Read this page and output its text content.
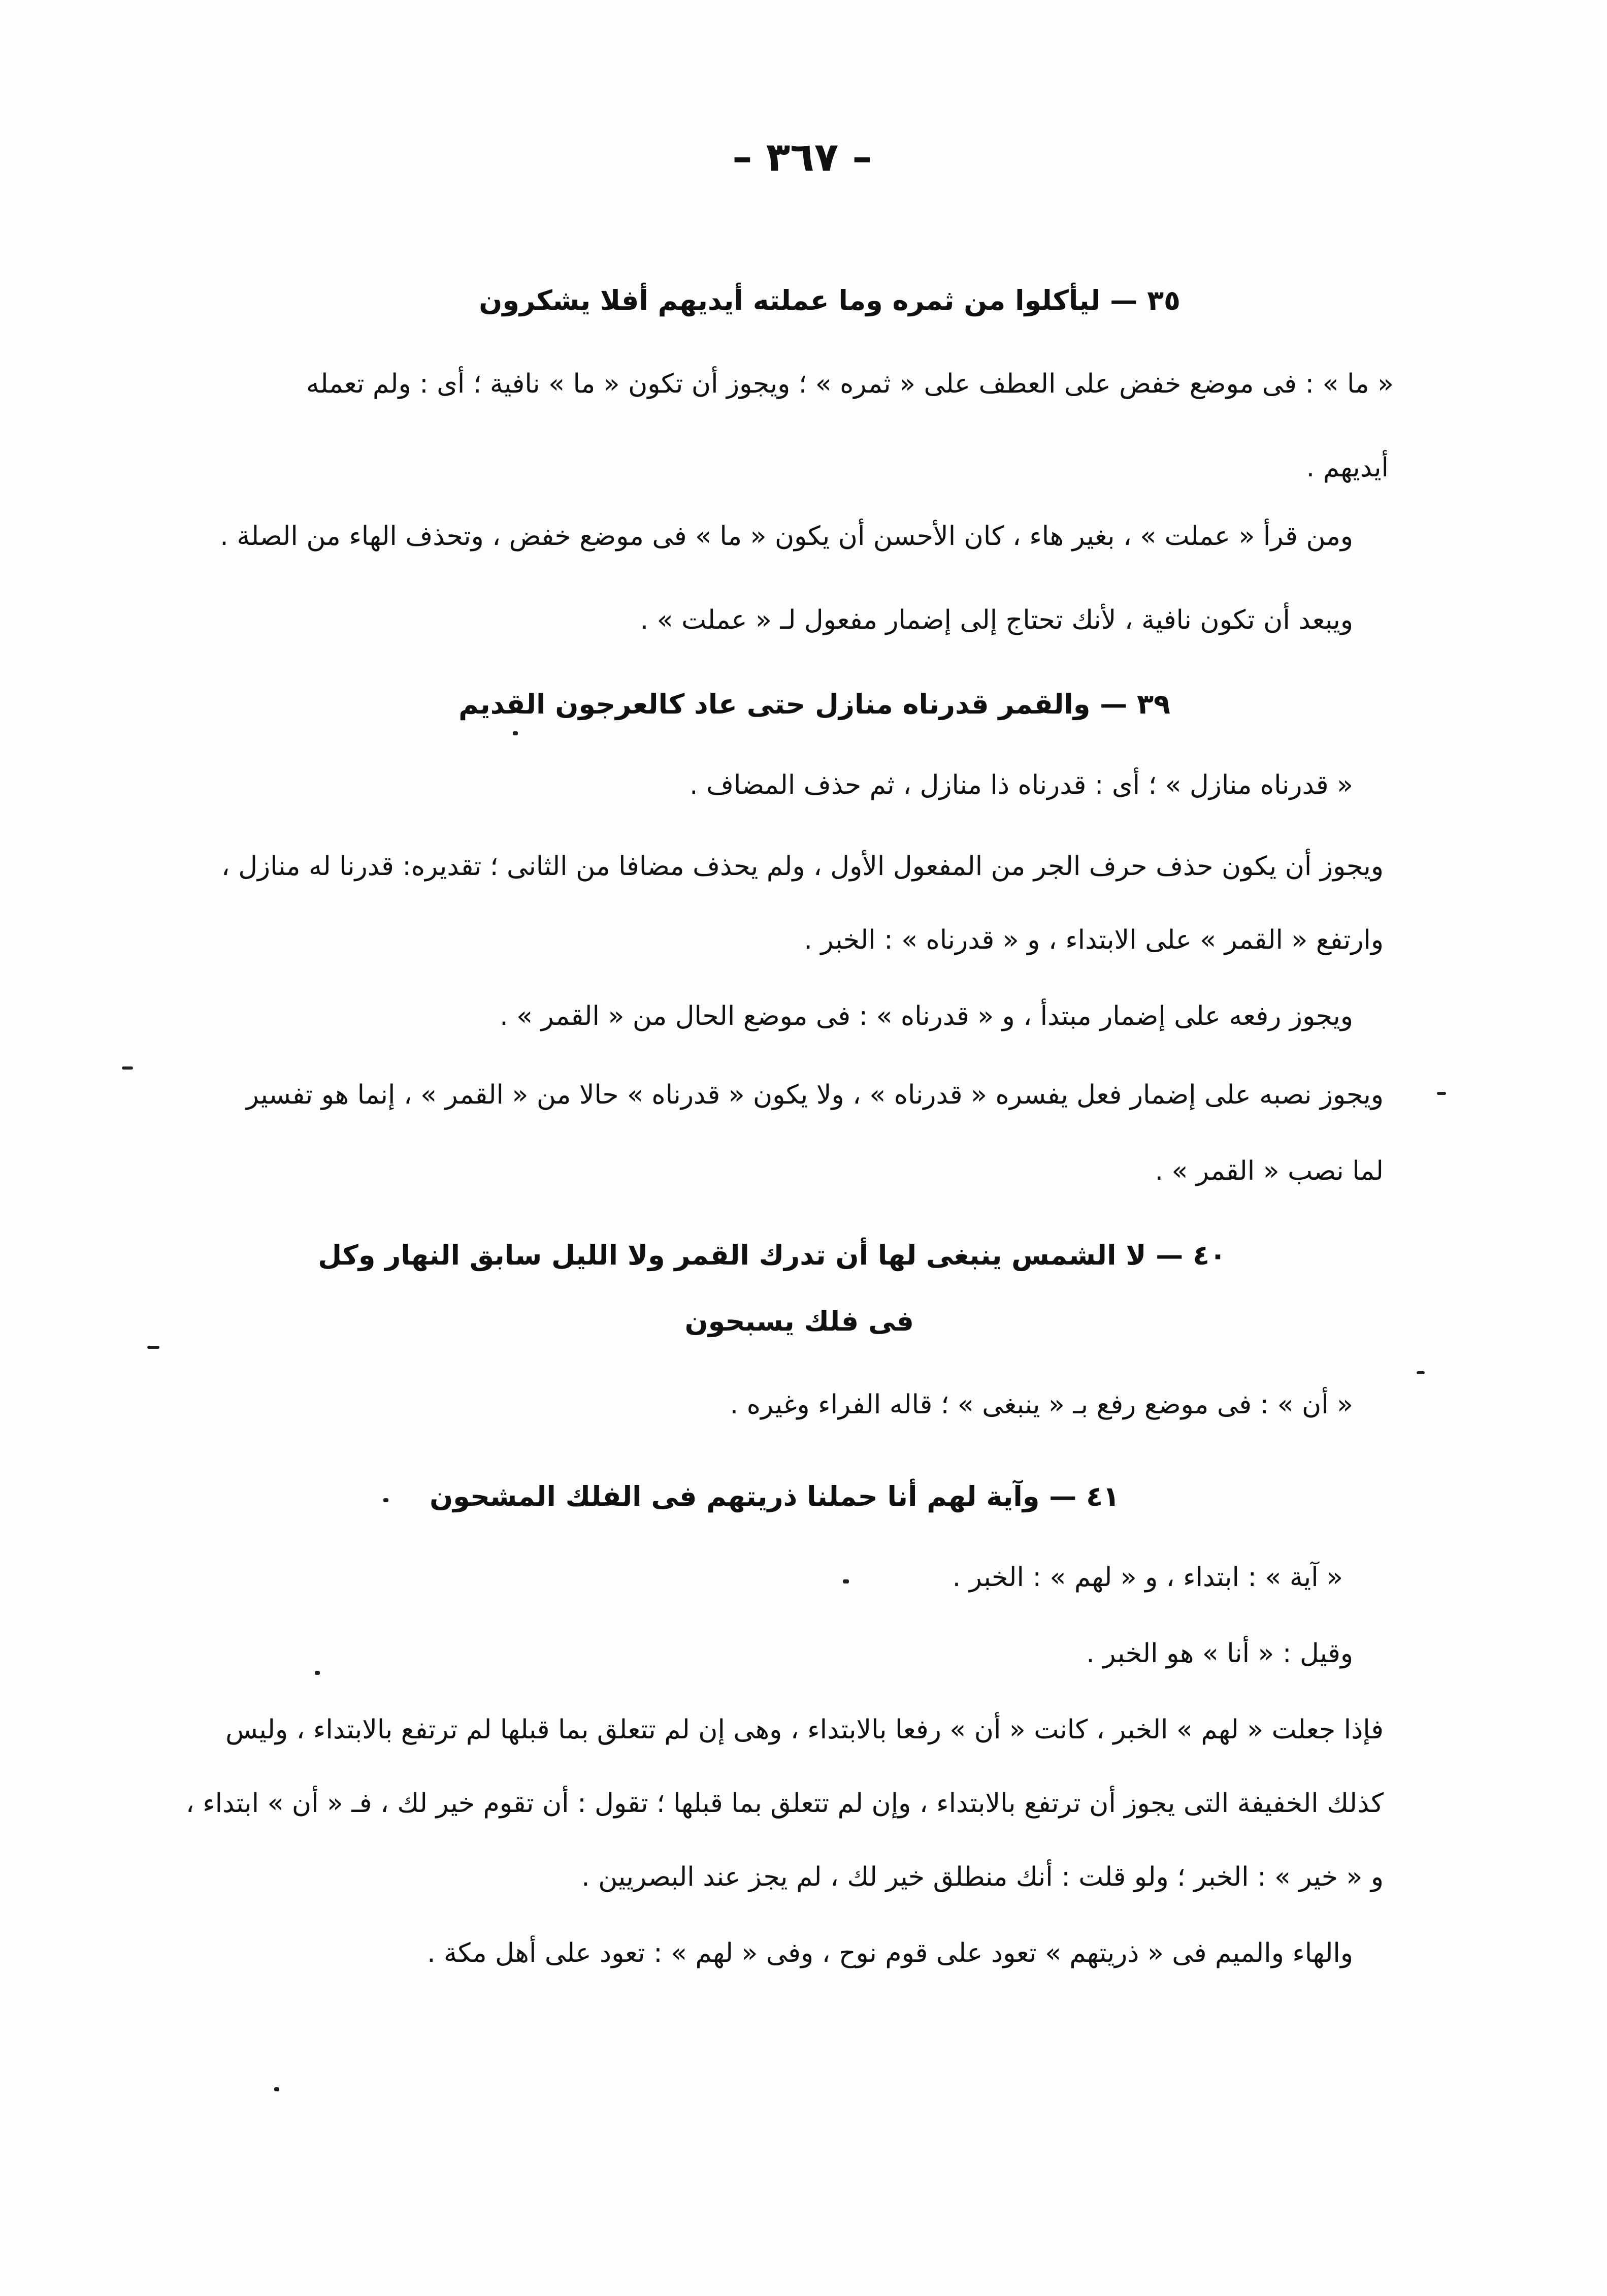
– ٣٦٧ –
٣٥ — ليأكلوا من ثمره وما عملته أيديهم أفلا يشكرون
« ما » : فى موضع خفض على العطف على « ثمره » ؛ ويجوز أن تكون « ما » نافية ؛ أى : ولم تعمله
أيديهم .
ومن قرأ « عملت » ، بغير هاء ، كان الأحسن أن يكون « ما » فى موضع خفض ، وتحذف الهاء من الصلة .
ويبعد أن تكون نافية ، لأنك تحتاج إلى إضمار مفعول لـ « عملت » .
٣٩ — والقمر قدرناه منازل حتى عاد كالعرجون القديم
« قدرناه منازل » ؛ أى : قدرناه ذا منازل ، ثم حذف المضاف .
ويجوز أن يكون حذف حرف الجر من المفعول الأول ، ولم يحذف مضافا من الثانى ؛ تقديره: قدرنا له منازل ،
وارتفع « القمر » على الابتداء ، و « قدرناه » : الخبر .
ويجوز رفعه على إضمار مبتدأ ، و « قدرناه » : فى موضع الحال من « القمر » .
ويجوز نصبه على إضمار فعل يفسره « قدرناه » ، ولا يكون « قدرناه » حالا من « القمر » ، إنما هو تفسير
لما نصب « القمر » .
٤٠ — لا الشمس ينبغى لها أن تدرك القمر ولا الليل سابق النهار وكل
فى فلك يسبحون
« أن » : فى موضع رفع بـ « ينبغى » ؛ قاله الفراء وغيره .
٤١ — وآية لهم أنا حملنا ذريتهم فى الفلك المشحون
« آية » : ابتداء ، و « لهم » : الخبر .
وقيل : « أنا » هو الخبر .
فإذا جعلت « لهم » الخبر ، كانت « أن » رفعا بالابتداء ، وهى إن لم تتعلق بما قبلها لم ترتفع بالابتداء ، وليس
كذلك الخفيفة التى يجوز أن ترتفع بالابتداء ، وإن لم تتعلق بما قبلها ؛ تقول : أن تقوم خير لك ، فـ « أن » ابتداء ،
و « خير » : الخبر ؛ ولو قلت : أنك منطلق خير لك ، لم يجز عند البصريين .
والهاء والميم فى « ذريتهم » تعود على قوم نوح ، وفى « لهم » : تعود على أهل مكة .
